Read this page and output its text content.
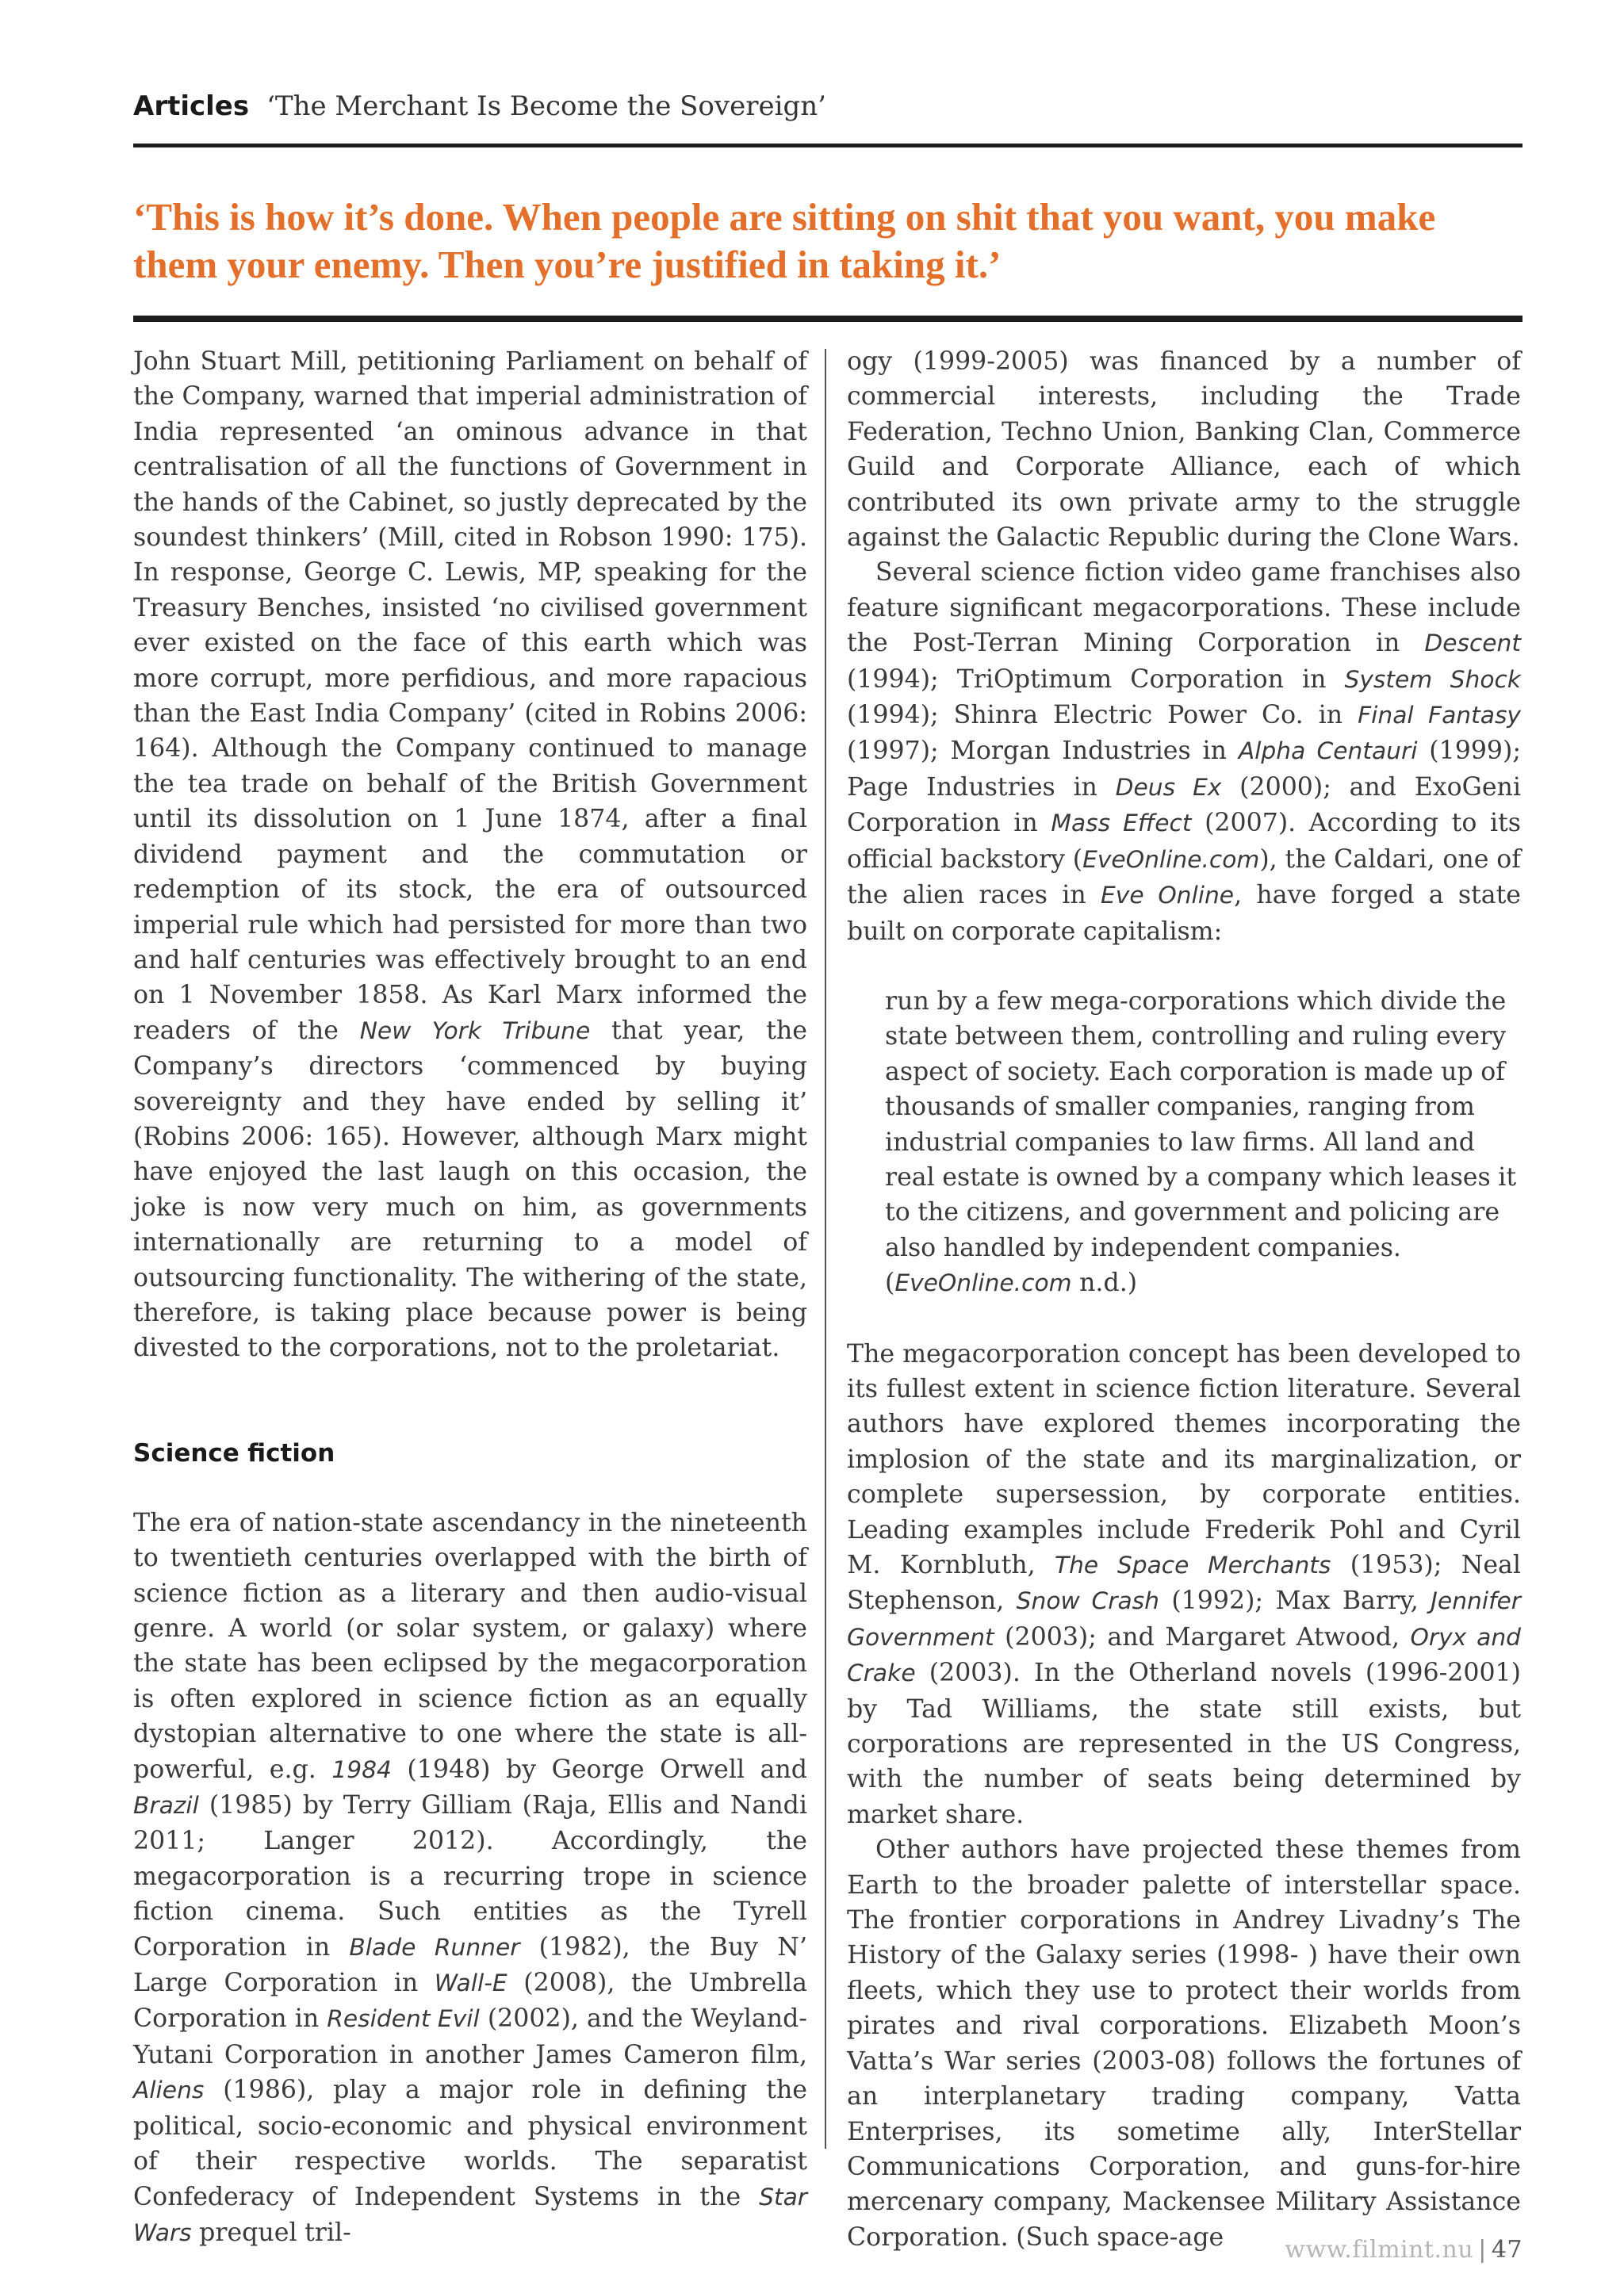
Articles ‘The Merchant Is Become the Sovereign’
‘This is how it’s done. When people are sitting on shit that you want, you make them your enemy. Then you’re justified in taking it.’

John Stuart Mill, petitioning Parliament on behalf of the Company, warned that imperial administration of India represented ‘an ominous advance in that centralisation of all the functions of Government in the hands of the Cabinet, so justly deprecated by the soundest thinkers’ (Mill, cited in Robson 1990: 175). In response, George C. Lewis, MP, speaking for the Treasury Benches, insisted ‘no civilised government ever existed on the face of this earth which was more corrupt, more perfidious, and more rapacious than the East India Company’ (cited in Robins 2006: 164). Although the Company continued to manage the tea trade on behalf of the British Government until its dissolution on 1 June 1874, after a final dividend payment and the commutation or redemption of its stock, the era of outsourced imperial rule which had persisted for more than two and half centuries was effectively brought to an end on 1 November 1858. As Karl Marx informed the readers of the New York Tribune that year, the Company’s directors ‘commenced by buying sovereignty and they have ended by selling it’ (Robins 2006: 165). However, although Marx might have enjoyed the last laugh on this occasion, the joke is now very much on him, as governments internationally are returning to a model of outsourcing functionality. The withering of the state, therefore, is taking place because power is being divested to the corporations, not to the proletariat.

Science fiction

The era of nation-state ascendancy in the nineteenth to twentieth centuries overlapped with the birth of science fiction as a literary and then audio-visual genre. A world (or solar system, or galaxy) where the state has been eclipsed by the megacorporation is often explored in science fiction as an equally dystopian alternative to one where the state is all-powerful, e.g. 1984 (1948) by George Orwell and Brazil (1985) by Terry Gilliam (Raja, Ellis and Nandi 2011; Langer 2012). Accordingly, the megacorporation is a recurring trope in science fiction cinema. Such entities as the Tyrell Corporation in Blade Runner (1982), the Buy N’ Large Corporation in Wall-E (2008), the Umbrella Corporation in Resident Evil (2002), and the Weyland-Yutani Corporation in another James Cameron film, Aliens (1986), play a major role in defining the political, socio-economic and physical environment of their respective worlds. The separatist Confederacy of Independent Systems in the Star Wars prequel tril-

ogy (1999-2005) was financed by a number of commercial interests, including the Trade Federation, Techno Union, Banking Clan, Commerce Guild and Corporate Alliance, each of which contributed its own private army to the struggle against the Galactic Republic during the Clone Wars.

Several science fiction video game franchises also feature significant megacorporations. These include the Post-Terran Mining Corporation in Descent (1994); TriOptimum Corporation in System Shock (1994); Shinra Electric Power Co. in Final Fantasy (1997); Morgan Industries in Alpha Centauri (1999); Page Industries in Deus Ex (2000); and ExoGeni Corporation in Mass Effect (2007). According to its official backstory (EveOnline.com), the Caldari, one of the alien races in Eve Online, have forged a state built on corporate capitalism:

run by a few mega-corporations which divide the state between them, controlling and ruling every aspect of society. Each corporation is made up of thousands of smaller companies, ranging from industrial companies to law firms. All land and real estate is owned by a company which leases it to the citizens, and government and policing are also handled by independent companies. (EveOnline.com n.d.)

The megacorporation concept has been developed to its fullest extent in science fiction literature. Several authors have explored themes incorporating the implosion of the state and its marginalization, or complete supersession, by corporate entities. Leading examples include Frederik Pohl and Cyril M. Kornbluth, The Space Merchants (1953); Neal Stephenson, Snow Crash (1992); Max Barry, Jennifer Government (2003); and Margaret Atwood, Oryx and Crake (2003). In the Otherland novels (1996-2001) by Tad Williams, the state still exists, but corporations are represented in the US Congress, with the number of seats being determined by market share.

Other authors have projected these themes from Earth to the broader palette of interstellar space. The frontier corporations in Andrey Livadny’s The History of the Galaxy series (1998- ) have their own fleets, which they use to protect their worlds from pirates and rival corporations. Elizabeth Moon’s Vatta’s War series (2003-08) follows the fortunes of an interplanetary trading company, Vatta Enterprises, its sometime ally, InterStellar Communications Corporation, and guns-for-hire mercenary company, Mackensee Military Assistance Corporation. (Such space-age	www.filmint.nu | 47
